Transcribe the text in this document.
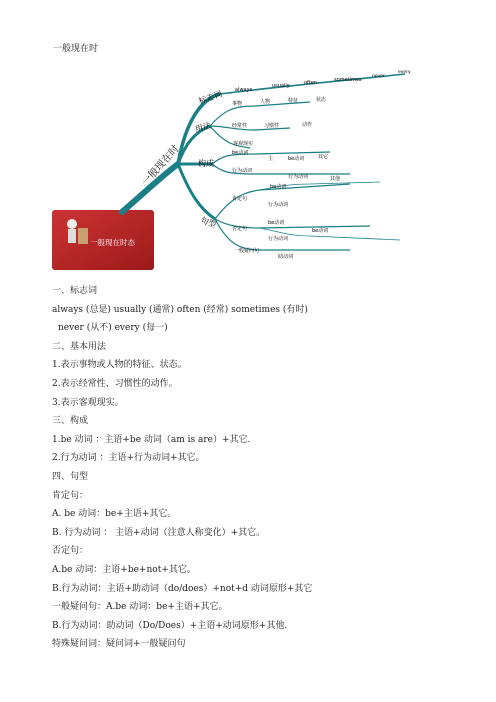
一般现在时
一般现在时态
一般现在时
标志词 always
usually	often	sometimes
never
every
用法
事物
经常性
客观现实
人物	特征	状态
习惯性	动作
构成
be动词
行为动词
主	be动词	其它
行为动词	其他
句型
肯定句
否定句
一般疑问句
be动词
行为动词
be动词
行为动词
be动词
助动词
一、标志词
always (总是) usually (通常) often (经常) sometimes (有时)
never (从不) every (每一)
二、基本用法
1.表示事物或人物的特征、状态。
2.表示经常性、习惯性的动作。
3.表示客观现实。
三、构成
1.be 动词 ：主语+be 动词（am is are）+其它.
2.行为动词 ：主语+行为动词+其它。
四、句型
肯定句：
A. be 动词：be+主语+其它。
B. 行为动词 ： 主语+动词（注意人称变化）+其它。
否定句：
A.be 动词：主语+be+not+其它。
B.行为动词：主语+助动词（do/does）+not+d 动词原形+其它
一般疑问句：A.be 动词：be+主语+其它。
B.行为动词：助动词（Do/Does）+主语+动词原形+其他.
特殊疑问词：疑问词+一般疑问句
